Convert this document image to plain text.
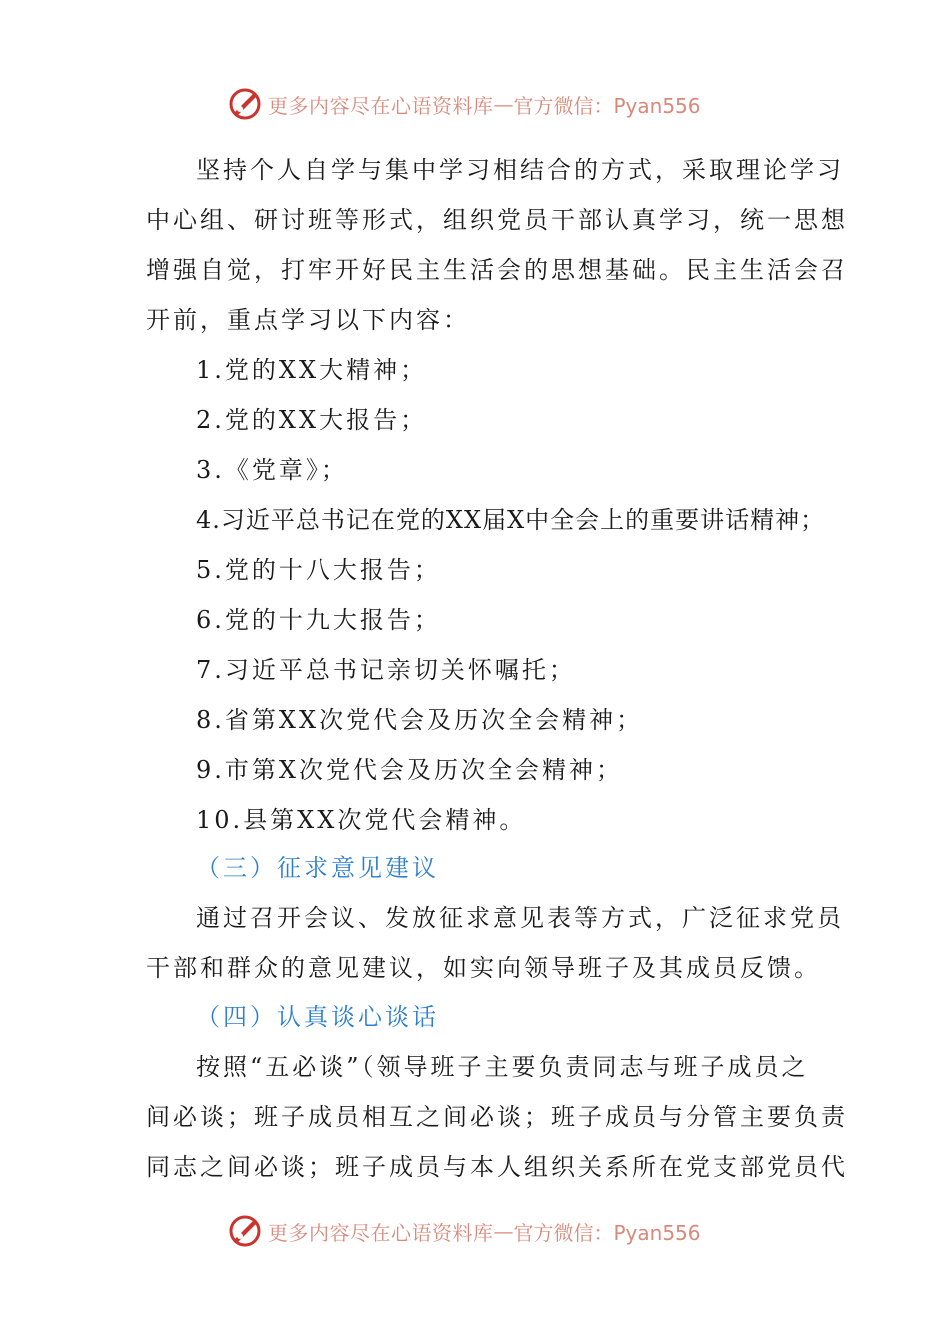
更多内容尽在心语资料库 — 官方微信：Pyan556
坚持个人自学与集中学习相结合的方式，采取理论学习
中心组、研讨班等形式，组织党员干部认真学习，统一思想
增强自觉，打牢开好民主生活会的思想基础。民主生活会召
开前，重点学习以下内容：
1.党的XX大精神；
2.党的XX大报告；
3.《党章》；
4.习近平总书记在党的XX届X中全会上的重要讲话精神；
5.党的十八大报告；
6.党的十九大报告；
7.习近平总书记亲切关怀嘱托；
8.省第XX次党代会及历次全会精神；
9.市第X次党代会及历次全会精神；
10.县第XX次党代会精神。
（三）征求意见建议
通过召开会议、发放征求意见表等方式，广泛征求党员
干部和群众的意见建议，如实向领导班子及其成员反馈。
（四）认真谈心谈话
按照“五必谈”（领导班子主要负责同志与班子成员之
间必谈；班子成员相互之间必谈；班子成员与分管主要负责
同志之间必谈；班子成员与本人组织关系所在党支部党员代
更多内容尽在心语资料库 — 官方微信：Pyan556
